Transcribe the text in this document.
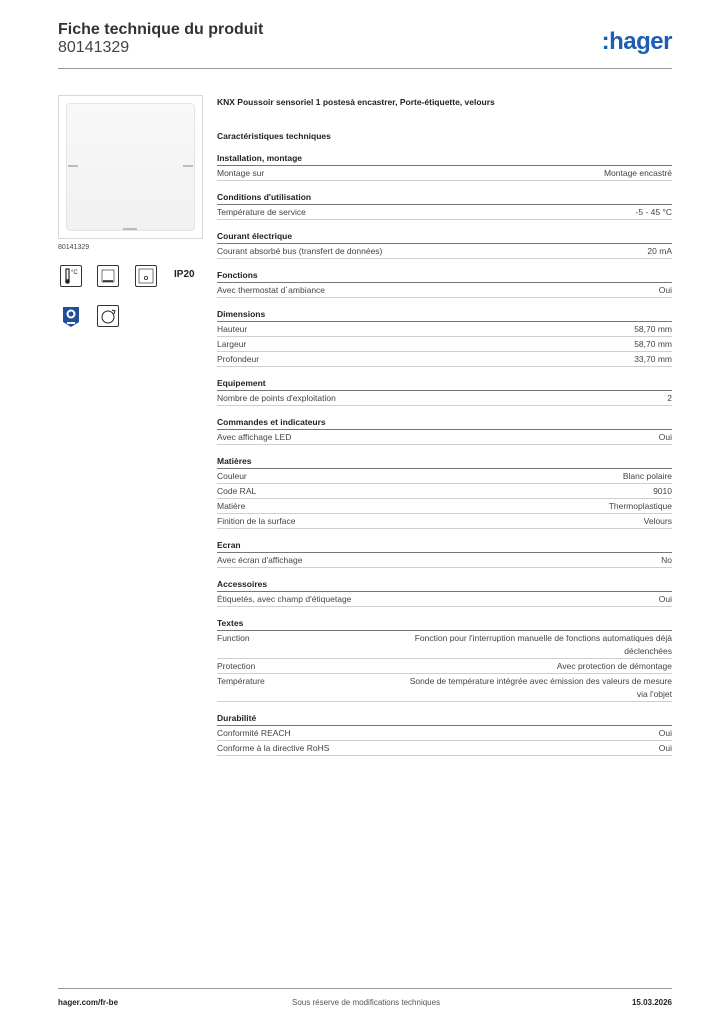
Fiche technique du produit
80141329	:hager
80141329
°C	IP20
KNX Poussoir sensoriel 1 postesà encastrer, Porte-étiquette, velours
Caractéristiques techniques
Installation, montage
Montage sur	Montage encastré
Conditions d'utilisation
Température de service	-5 - 45 °C
Courant électrique
Courant absorbé bus (transfert de données)	20 mA
Fonctions
Avec thermostat d´ambiance	Oui
Dimensions
Hauteur	58,70 mm
Largeur	58,70 mm
Profondeur	33,70 mm
Equipement
Nombre de points d'exploitation	2
Commandes et indicateurs
Avec affichage LED	Oui
Matières
Couleur	Blanc polaire
Code RAL	9010
Matière	Thermoplastique
Finition de la surface	Velours
Ecran
Avec écran d'affichage	No
Accessoires
Étiquetés, avec champ d'étiquetage	Oui
Textes
Function	Fonction pour l'interruption manuelle de fonctions automatiques déjà déclenchées
Protection	Avec protection de démontage
Température	Sonde de température intégrée avec émission des valeurs de mesure via l'objet
Durabilité
Conformité REACH	Oui
Conforme à la directive RoHS	Oui
hager.com/fr-be	Sous réserve de modifications techniques	15.03.2026
